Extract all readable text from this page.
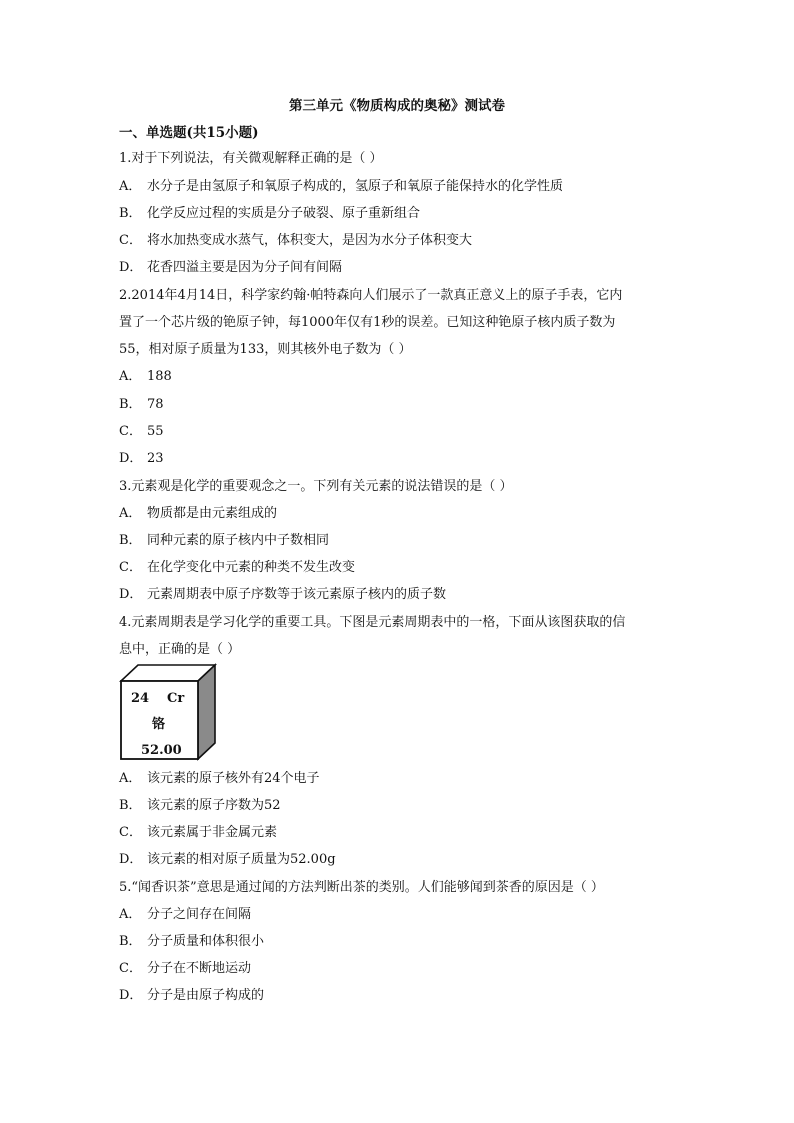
第三单元《物质构成的奥秘》测试卷
一、单选题(共15小题)
1.对于下列说法，有关微观解释正确的是（ ）
A． 水分子是由氢原子和氧原子构成的，氢原子和氧原子能保持水的化学性质
B． 化学反应过程的实质是分子破裂、原子重新组合
C． 将水加热变成水蒸气，体积变大，是因为水分子体积变大
D． 花香四溢主要是因为分子间有间隔
2.2014年4月14日，科学家约翰·帕特森向人们展示了一款真正意义上的原子手表，它内
置了一个芯片级的铯原子钟，每1000年仅有1秒的误差。已知这种铯原子核内质子数为
55，相对原子质量为133，则其核外电子数为（ ）
A． 188
B． 78
C． 55
D． 23
3.元素观是化学的重要观念之一。下列有关元素的说法错误的是（ ）
A． 物质都是由元素组成的
B． 同种元素的原子核内中子数相同
C． 在化学变化中元素的种类不发生改变
D． 元素周期表中原子序数等于该元素原子核内的质子数
4.元素周期表是学习化学的重要工具。下图是元素周期表中的一格，下面从该图获取的信
息中，正确的是（ ）
24 Cr
铬
52.00
A． 该元素的原子核外有24个电子
B． 该元素的原子序数为52
C． 该元素属于非金属元素
D． 该元素的相对原子质量为52.00g
5.“闻香识茶”意思是通过闻的方法判断出茶的类别。人们能够闻到茶香的原因是（ ）
A． 分子之间存在间隔
B． 分子质量和体积很小
C． 分子在不断地运动
D． 分子是由原子构成的
